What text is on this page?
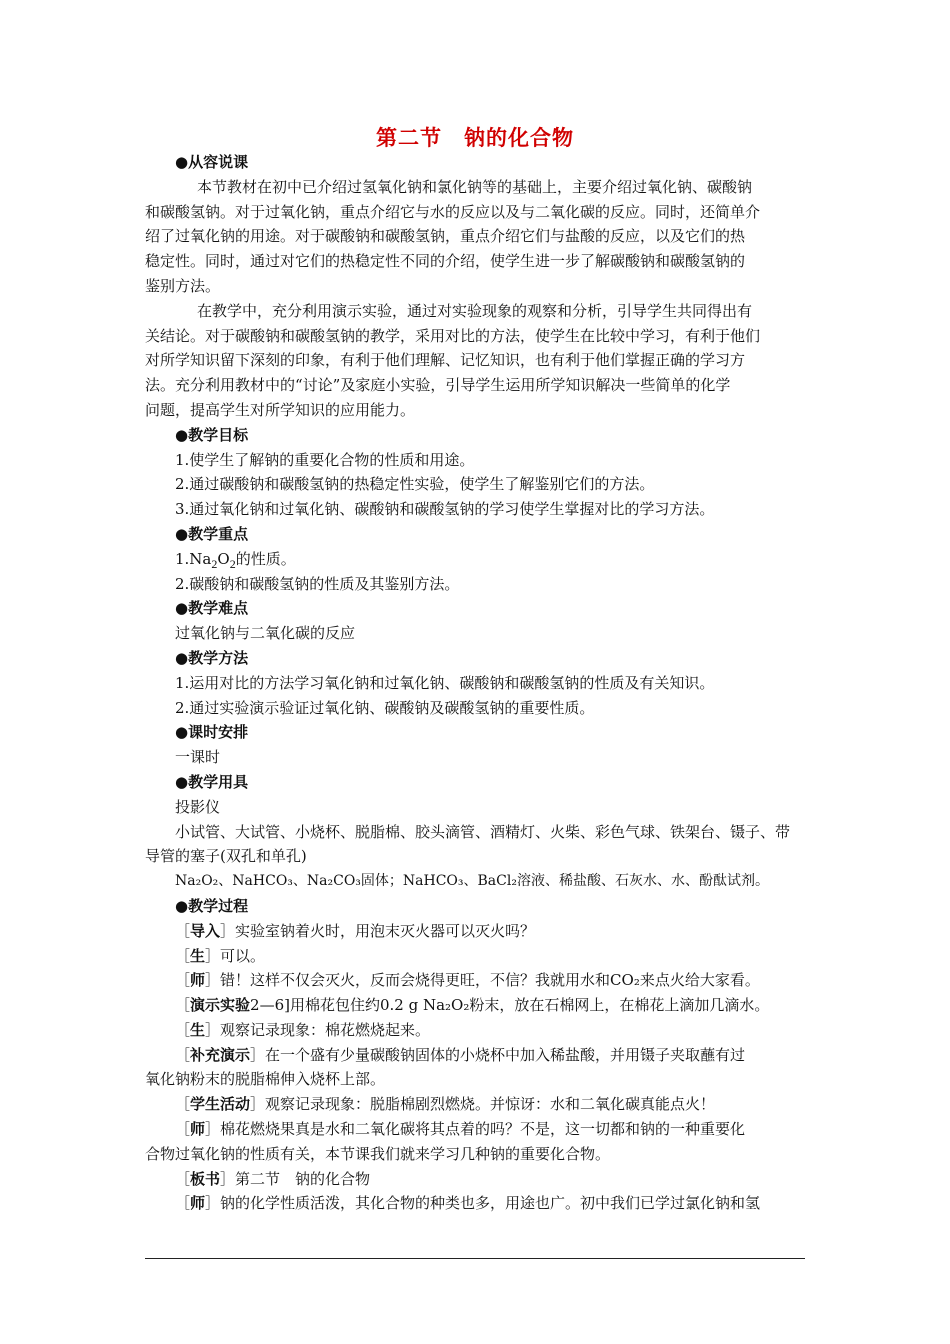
第二节　钠的化合物
●从容说课
本节教材在初中已介绍过氢氧化钠和氯化钠等的基础上，主要介绍过氧化钠、碳酸钠
和碳酸氢钠。对于过氧化钠，重点介绍它与水的反应以及与二氧化碳的反应。同时，还简单介
绍了过氧化钠的用途。对于碳酸钠和碳酸氢钠，重点介绍它们与盐酸的反应，以及它们的热
稳定性。同时，通过对它们的热稳定性不同的介绍，使学生进一步了解碳酸钠和碳酸氢钠的
鉴别方法。
在教学中，充分利用演示实验，通过对实验现象的观察和分析，引导学生共同得出有
关结论。对于碳酸钠和碳酸氢钠的教学，采用对比的方法，使学生在比较中学习，有利于他们
对所学知识留下深刻的印象，有利于他们理解、记忆知识，也有利于他们掌握正确的学习方
法。充分利用教材中的“讨论”及家庭小实验，引导学生运用所学知识解决一些简单的化学
问题，提高学生对所学知识的应用能力。
●教学目标
1.使学生了解钠的重要化合物的性质和用途。
2.通过碳酸钠和碳酸氢钠的热稳定性实验，使学生了解鉴别它们的方法。
3.通过氧化钠和过氧化钠、碳酸钠和碳酸氢钠的学习使学生掌握对比的学习方法。
●教学重点
$1.Na_2O_2$的性质。
2.碳酸钠和碳酸氢钠的性质及其鉴别方法。
●教学难点
过氧化钠与二氧化碳的反应
●教学方法
1.运用对比的方法学习氧化钠和过氧化钠、碳酸钠和碳酸氢钠的性质及有关知识。
2.通过实验演示验证过氧化钠、碳酸钠及碳酸氢钠的重要性质。
●课时安排
一课时
●教学用具
投影仪
小试管、大试管、小烧杯、脱脂棉、胶头滴管、酒精灯、火柴、彩色气球、铁架台、镊子、带
导管的塞子(双孔和单孔)
Na₂O₂、NaHCO₃、Na₂CO₃固体；NaHCO₃、BaCl₂溶液、稀盐酸、石灰水、水、酚酞试剂。
●教学过程
［导入］实验室钠着火时，用泡末灭火器可以灭火吗？
［生］可以。
［师］错！这样不仅会灭火，反而会烧得更旺，不信？我就用水和CO₂来点火给大家看。
［演示实验2—6]用棉花包住约0.2 g Na₂O₂粉末，放在石棉网上，在棉花上滴加几滴水。
［生］观察记录现象：棉花燃烧起来。
［补充演示］在一个盛有少量碳酸钠固体的小烧杯中加入稀盐酸，并用镊子夹取蘸有过
氧化钠粉末的脱脂棉伸入烧杯上部。
［学生活动］观察记录现象：脱脂棉剧烈燃烧。并惊讶：水和二氧化碳真能点火！
［师］棉花燃烧果真是水和二氧化碳将其点着的吗？不是，这一切都和钠的一种重要化
合物过氧化钠的性质有关，本节课我们就来学习几种钠的重要化合物。
［板书］第二节　钠的化合物
［师］钠的化学性质活泼，其化合物的种类也多，用途也广。初中我们已学过氯化钠和氢
